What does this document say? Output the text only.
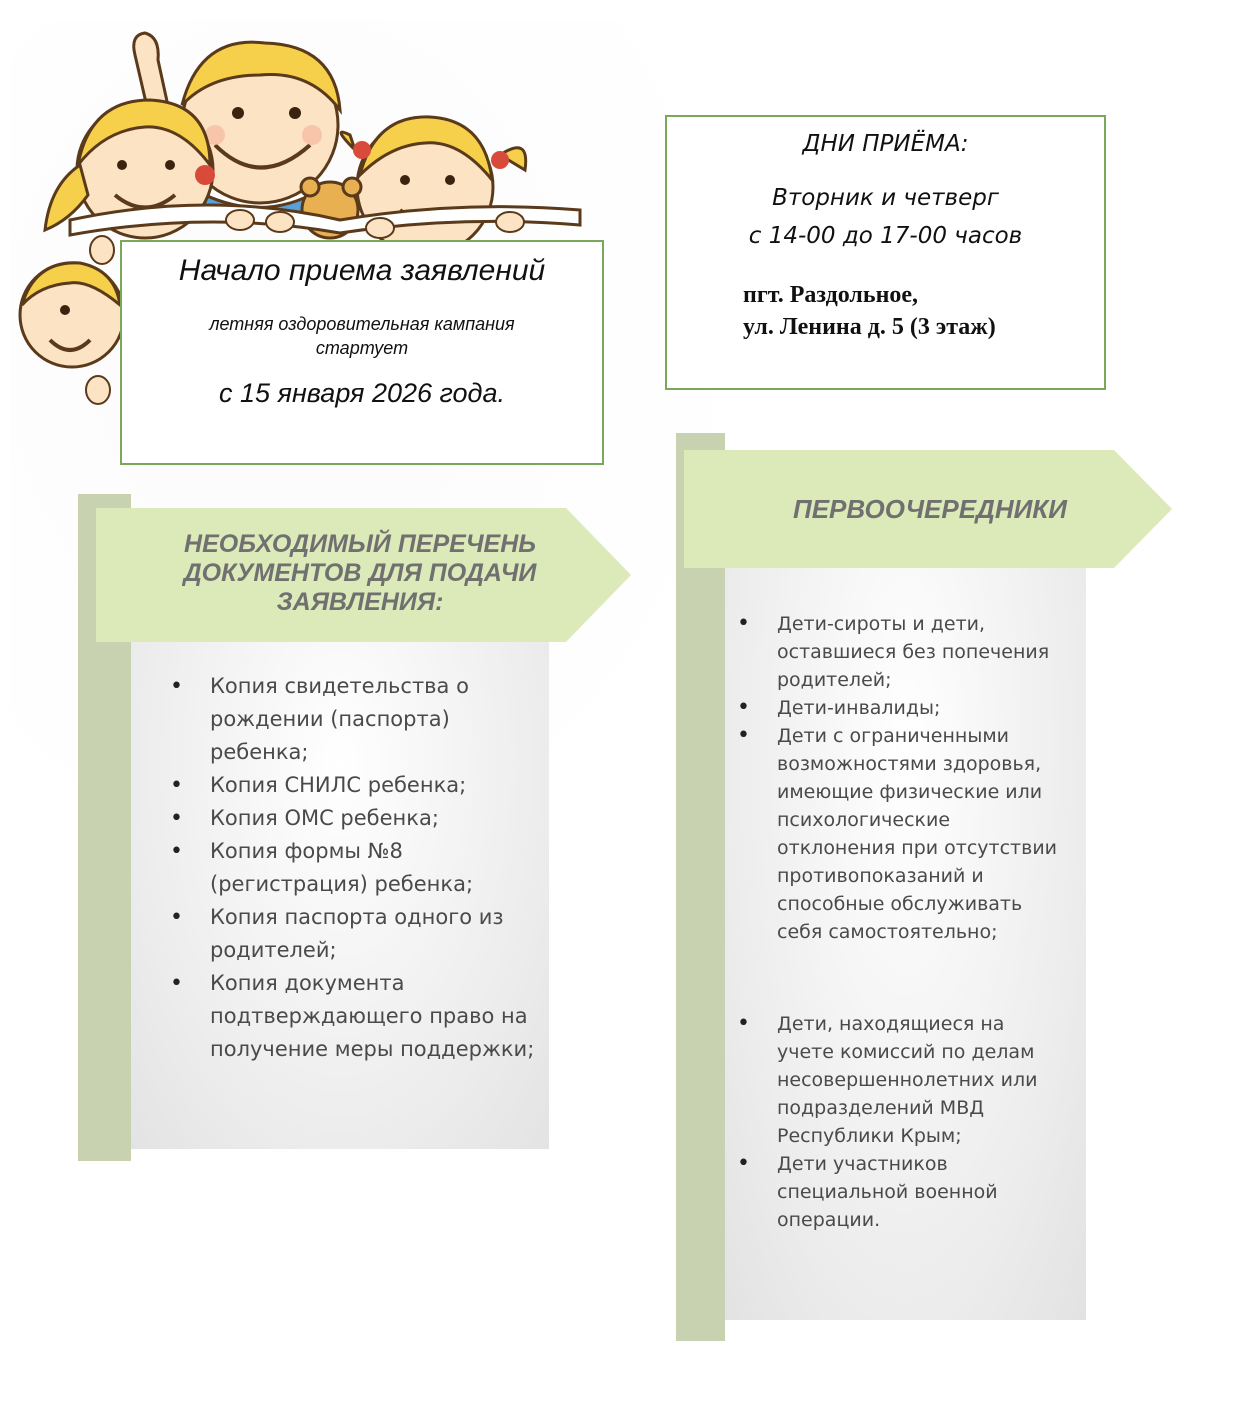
Начало приема заявлений
летняя оздоровительная кампания стартует
с 15 января 2026 года.
ДНИ ПРИЁМА:
Вторник и четверг
с 14-00 до 17-00 часов
пгт. Раздольное,
ул. Ленина д. 5 (3 этаж)
НЕОБХОДИМЫЙ ПЕРЕЧЕНЬ ДОКУМЕНТОВ ДЛЯ ПОДАЧИ ЗАЯВЛЕНИЯ:
• Копия свидетельства о рождении (паспорта) ребенка;
• Копия СНИЛС ребенка;
• Копия ОМС ребенка;
• Копия формы №8 (регистрация) ребенка;
• Копия паспорта одного из родителей;
• Копия документа подтверждающего право на получение меры поддержки;
ПЕРВООЧЕРЕДНИКИ
• Дети-сироты и дети, оставшиеся без попечения родителей;
• Дети-инвалиды;
• Дети с ограниченными возможностями здоровья, имеющие физические или психологические отклонения при отсутствии противопоказаний и способные обслуживать себя самостоятельно;
• Дети, находящиеся на учете комиссий по делам несовершеннолетних или подразделений МВД Республики Крым;
• Дети участников специальной военной операции.
